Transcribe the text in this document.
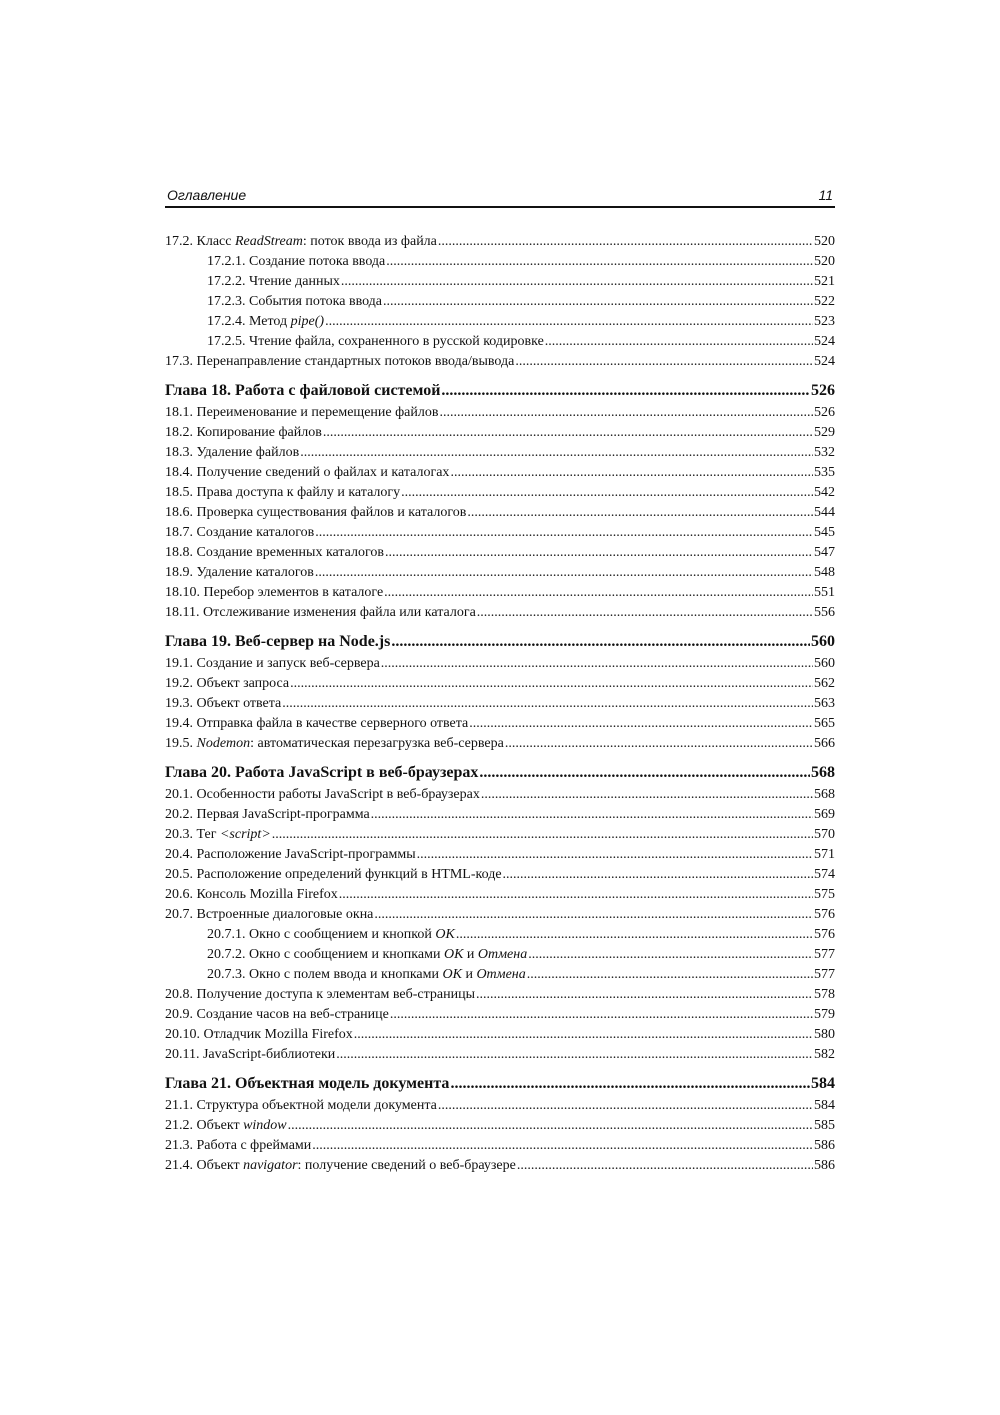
Оглавление	11
17.2. Класс ReadStream: поток ввода из файла .....	520
17.2.1. Создание потока ввода .....	520
17.2.2. Чтение данных .....	521
17.2.3. События потока ввода .....	522
17.2.4. Метод pipe() .....	523
17.2.5. Чтение файла, сохраненного в русской кодировке .....	524
17.3. Перенаправление стандартных потоков ввода/вывода .....	524
Глава 18. Работа с файловой системой .....	526
18.1. Переименование и перемещение файлов .....	526
18.2. Копирование файлов .....	529
18.3. Удаление файлов .....	532
18.4. Получение сведений о файлах и каталогах .....	535
18.5. Права доступа к файлу и каталогу .....	542
18.6. Проверка существования файлов и каталогов .....	544
18.7. Создание каталогов .....	545
18.8. Создание временных каталогов .....	547
18.9. Удаление каталогов .....	548
18.10. Перебор элементов в каталоге .....	551
18.11. Отслеживание изменения файла или каталога .....	556
Глава 19. Веб-сервер на Node.js .....	560
19.1. Создание и запуск веб-сервера .....	560
19.2. Объект запроса .....	562
19.3. Объект ответа .....	563
19.4. Отправка файла в качестве серверного ответа .....	565
19.5. Nodemon: автоматическая перезагрузка веб-сервера .....	566
Глава 20. Работа JavaScript в веб-браузерах .....	568
20.1. Особенности работы JavaScript в веб-браузерах .....	568
20.2. Первая JavaScript-программа .....	569
20.3. Тег <script> .....	570
20.4. Расположение JavaScript-программы .....	571
20.5. Расположение определений функций в HTML-коде .....	574
20.6. Консоль Mozilla Firefox .....	575
20.7. Встроенные диалоговые окна .....	576
20.7.1. Окно с сообщением и кнопкой OK .....	576
20.7.2. Окно с сообщением и кнопками OK и Отмена .....	577
20.7.3. Окно с полем ввода и кнопками OK и Отмена .....	577
20.8. Получение доступа к элементам веб-страницы .....	578
20.9. Создание часов на веб-странице .....	579
20.10. Отладчик Mozilla Firefox .....	580
20.11. JavaScript-библиотеки .....	582
Глава 21. Объектная модель документа .....	584
21.1. Структура объектной модели документа .....	584
21.2. Объект window .....	585
21.3. Работа с фреймами .....	586
21.4. Объект navigator: получение сведений о веб-браузере .....	586
